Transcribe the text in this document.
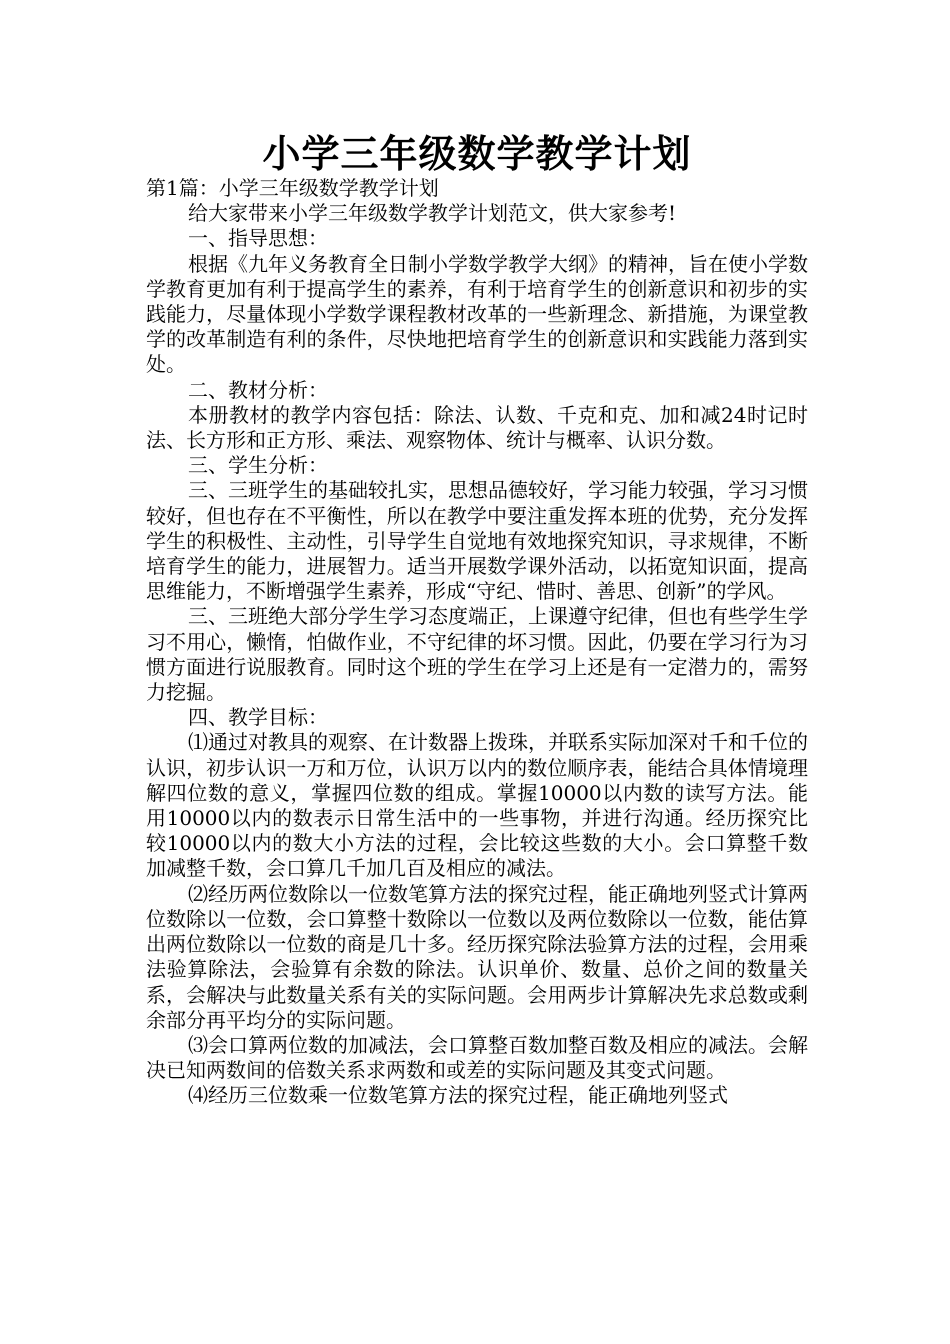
小学三年级数学教学计划

第1篇：小学三年级数学教学计划

给大家带来小学三年级数学教学计划范文，供大家参考!

一、指导思想：

根据《九年义务教育全日制小学数学教学大纲》的精神，旨在使小学数学教育更加有利于提高学生的素养，有利于培育学生的创新意识和初步的实践能力，尽量体现小学数学课程教材改革的一些新理念、新措施，为课堂教学的改革制造有利的条件，尽快地把培育学生的创新意识和实践能力落到实处。

二、教材分析：

本册教材的教学内容包括：除法、认数、千克和克、加和减24时记时法、长方形和正方形、乘法、观察物体、统计与概率、认识分数。

三、学生分析：

三、三班学生的基础较扎实，思想品德较好，学习能力较强，学习习惯较好，但也存在不平衡性，所以在教学中要注重发挥本班的优势，充分发挥学生的积极性、主动性，引导学生自觉地有效地探究知识，寻求规律，不断培育学生的能力，进展智力。适当开展数学课外活动，以拓宽知识面，提高思维能力，不断增强学生素养，形成“守纪、惜时、善思、创新”的学风。

三、三班绝大部分学生学习态度端正，上课遵守纪律，但也有些学生学习不用心，懒惰，怕做作业，不守纪律的坏习惯。因此，仍要在学习行为习惯方面进行说服教育。同时这个班的学生在学习上还是有一定潜力的，需努力挖掘。

四、教学目标：

⑴通过对教具的观察、在计数器上拨珠，并联系实际加深对千和千位的认识，初步认识一万和万位，认识万以内的数位顺序表，能结合具体情境理解四位数的意义，掌握四位数的组成。掌握10000以内数的读写方法。能用10000以内的数表示日常生活中的一些事物，并进行沟通。经历探究比较10000以内的数大小方法的过程，会比较这些数的大小。会口算整千数加减整千数，会口算几千加几百及相应的减法。

⑵经历两位数除以一位数笔算方法的探究过程，能正确地列竖式计算两位数除以一位数，会口算整十数除以一位数以及两位数除以一位数，能估算出两位数除以一位数的商是几十多。经历探究除法验算方法的过程，会用乘法验算除法，会验算有余数的除法。认识单价、数量、总价之间的数量关系，会解决与此数量关系有关的实际问题。会用两步计算解决先求总数或剩余部分再平均分的实际问题。

⑶会口算两位数的加减法，会口算整百数加整百数及相应的减法。会解决已知两数间的倍数关系求两数和或差的实际问题及其变式问题。

⑷经历三位数乘一位数笔算方法的探究过程，能正确地列竖式
